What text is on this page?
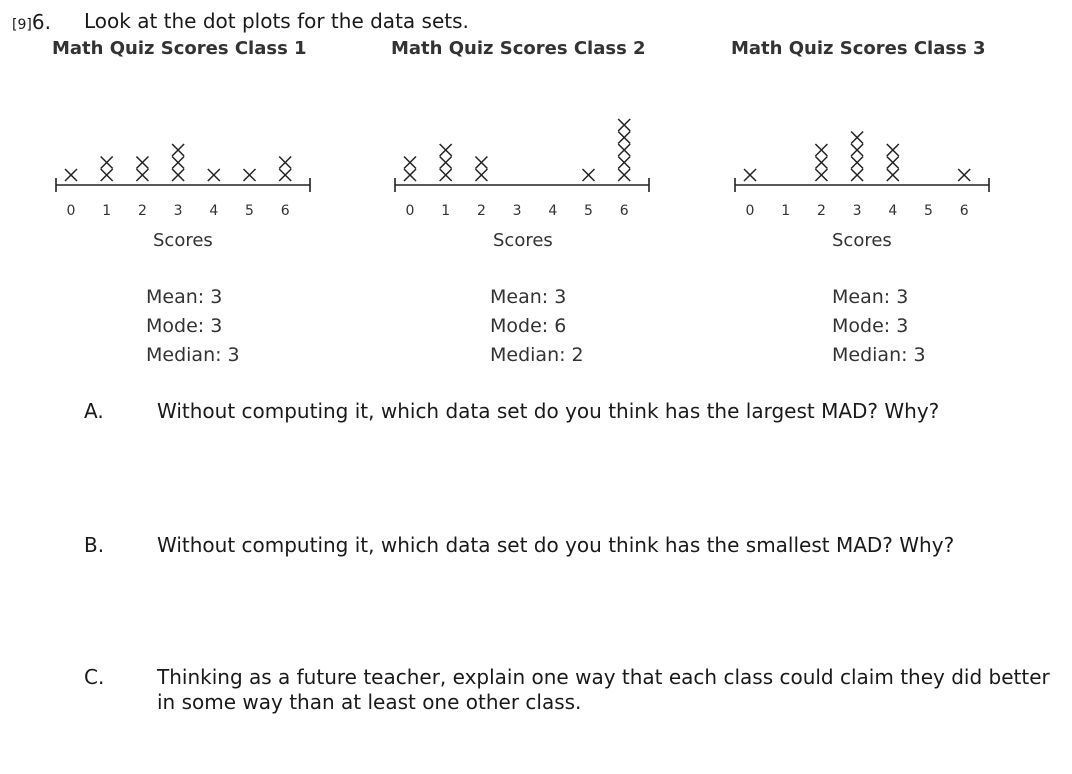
[9]6. Look at the dot plots for the data sets.
Math Quiz Scores Class 1
0 1 2 3 4 5 6
Scores
Mean: 3
Mode: 3
Median: 3
Math Quiz Scores Class 2
0 1 2 3 4 5 6
Scores
Mean: 3
Mode: 6
Median: 2
Math Quiz Scores Class 3
0 1 2 3 4 5 6
Scores
Mean: 3
Mode: 3
Median: 3
A.	Without computing it, which data set do you think has the largest MAD? Why?
B.	Without computing it, which data set do you think has the smallest MAD? Why?
C.	Thinking as a future teacher, explain one way that each class could claim they did better in some way than at least one other class.
